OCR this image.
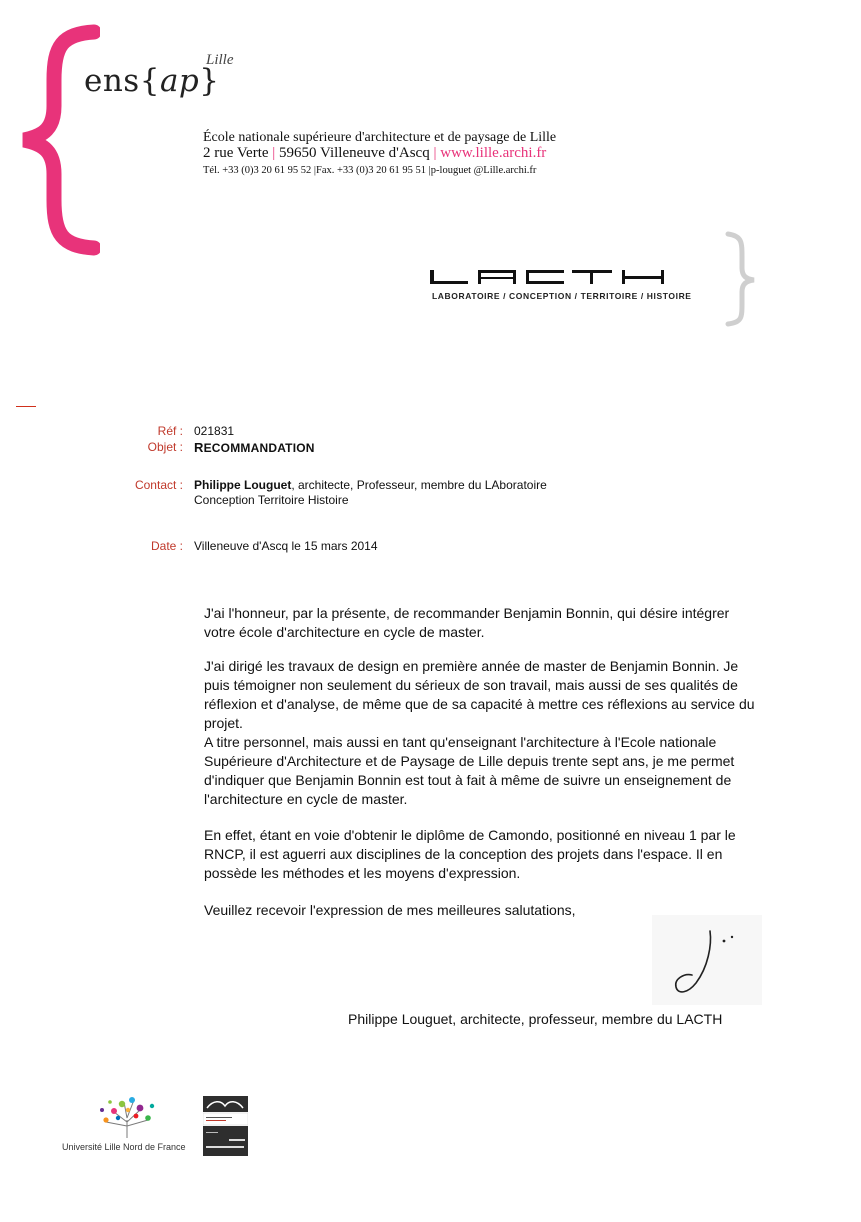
ens{ap}
Lille
École nationale supérieure d'architecture et de paysage de Lille
2 rue Verte | 59650 Villeneuve d'Ascq | www.lille.archi.fr
Tél. +33 (0)3 20 61 95 52 |Fax. +33 (0)3 20 61 95 51 |p-louguet @Lille.archi.fr
LACTH
LABORATOIRE / CONCEPTION / TERRITOIRE / HISTOIRE
Réf : 021831
Objet : RECOMMANDATION
Contact : Philippe Louguet, architecte, Professeur, membre du LAboratoire
Conception Territoire Histoire
Date : Villeneuve d'Ascq le 15 mars 2014
J'ai l'honneur, par la présente, de recommander Benjamin Bonnin, qui désire intégrer votre école d'architecture en cycle de master.
J'ai dirigé les travaux de design en première année de master de Benjamin Bonnin. Je puis témoigner non seulement du sérieux de son travail, mais aussi de ses qualités de réflexion et d'analyse, de même que de sa capacité à mettre ces réflexions au service du projet.
A titre personnel, mais aussi en tant qu'enseignant l'architecture à l'Ecole nationale Supérieure d'Architecture et de Paysage de Lille depuis trente sept ans, je me permet d'indiquer que Benjamin Bonnin est tout à fait à même de suivre un enseignement de l'architecture en cycle de master.
En effet, étant en voie d'obtenir le diplôme de Camondo, positionné en niveau 1 par le RNCP, il est aguerri aux disciplines de la conception des projets dans l'espace. Il en possède les méthodes et les moyens d'expression.
Veuillez recevoir l'expression de mes meilleures salutations,
Philippe Louguet, architecte, professeur, membre du LACTH
Université Lille Nord de France
